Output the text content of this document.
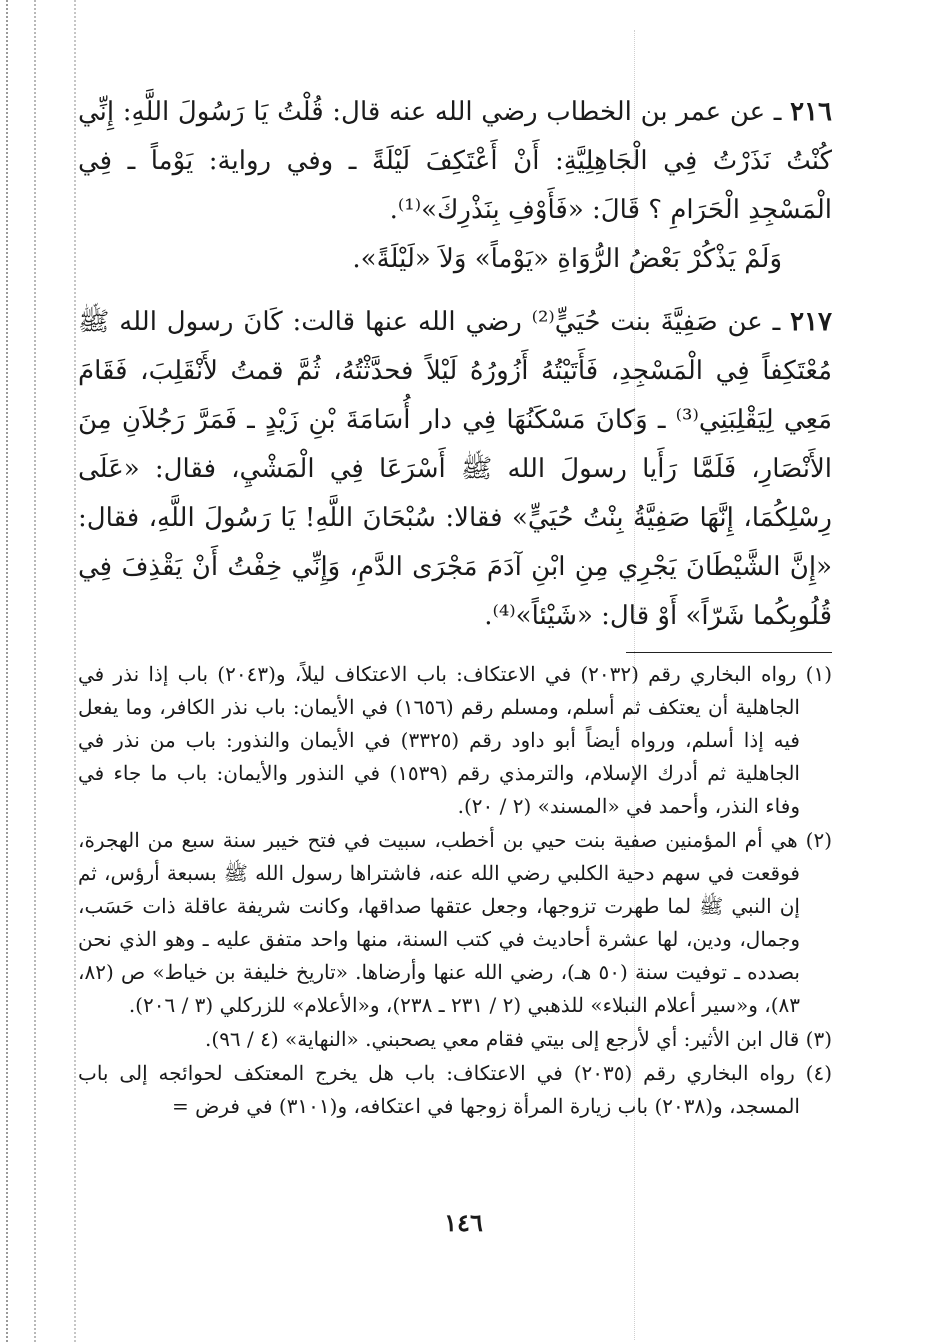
٢١٦ ـ عن عمر بن الخطاب رضي الله عنه قال: قُلْتُ يَا رَسُولَ اللَّهِ: إِنِّي كُنْتُ نَذَرْتُ فِي الْجَاهِلِيَّةِ: أَنْ أَعْتَكِفَ لَيْلَةً ـ وفي رواية: يَوْماً ـ فِي الْمَسْجِدِ الْحَرَامِ ؟ قَالَ: «فَأَوْفِ بِنَذْرِكَ»⁽¹⁾.

وَلَمْ يَذْكُرْ بَعْضُ الرُّوَاةِ «يَوْماً» وَلاَ «لَيْلَةً».

٢١٧ ـ عن صَفِيَّةَ بنت حُيَيٍّ⁽²⁾ رضي الله عنها قالت: كَانَ رسول الله ﷺ مُعْتَكِفاً فِي الْمَسْجِدِ، فَأَتَيْتُهُ أَزُورُهُ لَيْلاً فحدَّثْتُهُ، ثُمَّ قمتُ لأَنْقَلِبَ، فَقَامَ مَعِي لِيَقْلِبَنِي⁽³⁾ ـ وَكانَ مَسْكَنُهَا فِي دار أُسَامَةَ بْنِ زَيْدٍ ـ فَمَرَّ رَجُلاَنِ مِنَ الأَنْصَارِ، فَلَمَّا رَأَيا رسولَ الله ﷺ أَسْرَعَا فِي الْمَشْيِ، فقال: «عَلَى رِسْلِكُمَا، إِنَّهَا صَفِيَّةُ بِنْتُ حُيَيٍّ» فقالا: سُبْحَانَ اللَّهِ! يَا رَسُولَ اللَّهِ، فقال: «إِنَّ الشَّيْطَانَ يَجْرِي مِنِ ابْنِ آدَمَ مَجْرَى الدَّمِ، وَإِنِّي خِفْتُ أَنْ يَقْذِفَ فِي قُلُوبِكُما شَرّاً» أَوْ قال: «شَيْئاً»⁽⁴⁾.

(١) رواه البخاري رقم (٢٠٣٢) في الاعتكاف: باب الاعتكاف ليلاً، و(٢٠٤٣) باب إذا نذر في الجاهلية أن يعتكف ثم أسلم، ومسلم رقم (١٦٥٦) في الأيمان: باب نذر الكافر، وما يفعل فيه إذا أسلم، ورواه أيضاً أبو داود رقم (٣٣٢٥) في الأيمان والنذور: باب من نذر في الجاهلية ثم أدرك الإسلام، والترمذي رقم (١٥٣٩) في النذور والأيمان: باب ما جاء في وفاء النذر، وأحمد في «المسند» (٢ / ٢٠).

(٢) هي أم المؤمنين صفية بنت حيي بن أخطب، سبيت في فتح خيبر سنة سبع من الهجرة، فوقعت في سهم دحية الكلبي رضي الله عنه، فاشتراها رسول الله ﷺ بسبعة أرؤس، ثم إن النبي ﷺ لما طهرت تزوجها، وجعل عتقها صداقها، وكانت شريفة عاقلة ذات حَسَب، وجمال، ودين، لها عشرة أحاديث في كتب السنة، منها واحد متفق عليه ـ وهو الذي نحن بصدده ـ توفيت سنة (٥٠ هـ)، رضي الله عنها وأرضاها. «تاريخ خليفة بن خياط» ص (٨٢، ٨٣)، و«سير أعلام النبلاء» للذهبي (٢ / ٢٣١ ـ ٢٣٨)، و«الأعلام» للزركلي (٣ / ٢٠٦).

(٣) قال ابن الأثير: أي لأرجع إلى بيتي فقام معي يصحبني. «النهاية» (٤ / ٩٦).

(٤) رواه البخاري رقم (٢٠٣٥) في الاعتكاف: باب هل يخرج المعتكف لحوائجه إلى باب المسجد، و(٢٠٣٨) باب زيارة المرأة زوجها في اعتكافه، و(٣١٠١) في فرض =

١٤٦
